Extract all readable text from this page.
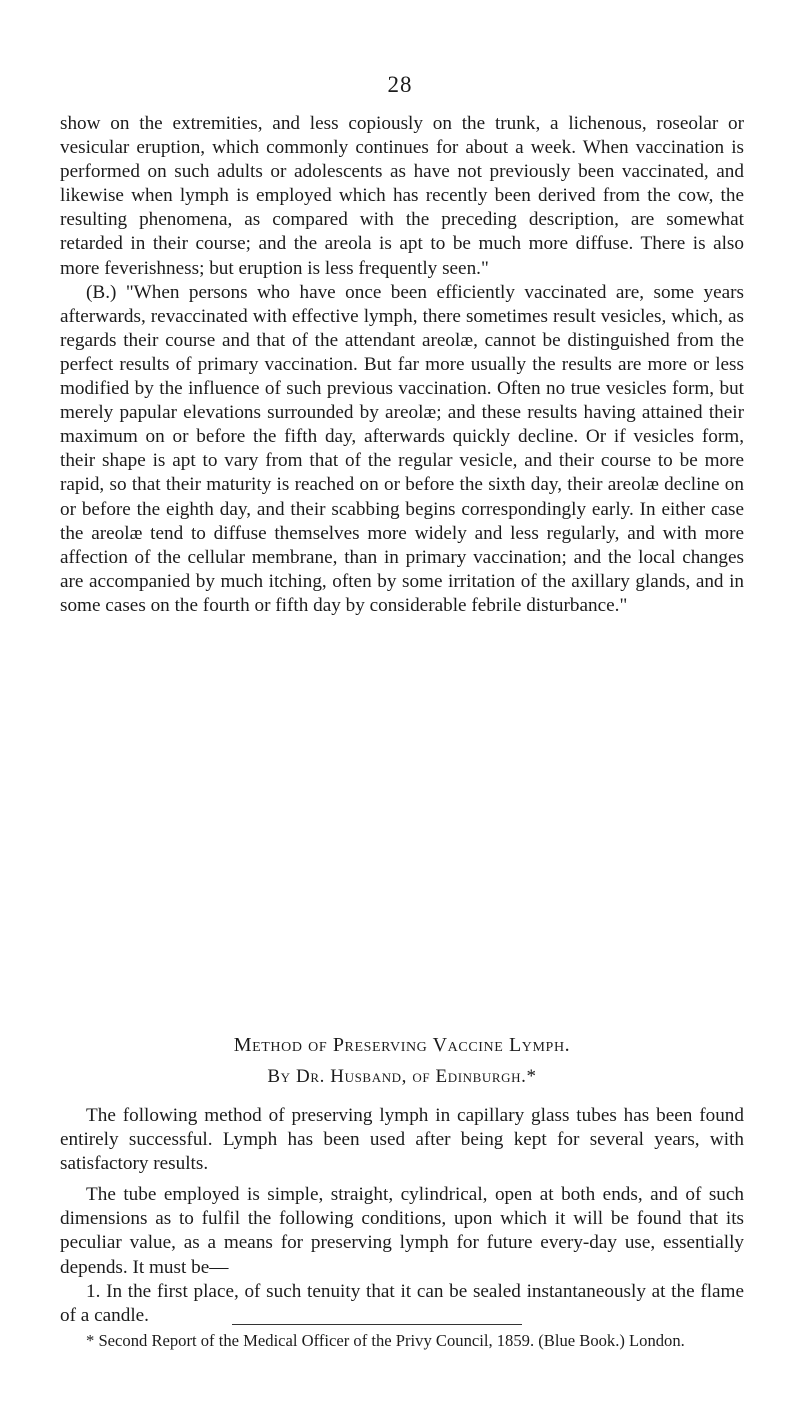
28

show on the extremities, and less copiously on the trunk, a lichenous, roseolar or vesicular eruption, which commonly continues for about a week. When vaccination is performed on such adults or adolescents as have not previously been vaccinated, and likewise when lymph is employed which has recently been derived from the cow, the resulting phenomena, as compared with the preceding description, are somewhat retarded in their course; and the areola is apt to be much more diffuse. There is also more feverishness; but eruption is less frequently seen."

(B.) "When persons who have once been efficiently vaccinated are, some years afterwards, revaccinated with effective lymph, there sometimes result vesicles, which, as regards their course and that of the attendant areolæ, cannot be distinguished from the perfect results of primary vaccination. But far more usually the results are more or less modified by the influence of such previous vaccination. Often no true vesicles form, but merely papular elevations surrounded by areolæ; and these results having attained their maximum on or before the fifth day, afterwards quickly decline. Or if vesicles form, their shape is apt to vary from that of the regular vesicle, and their course to be more rapid, so that their maturity is reached on or before the sixth day, their areolæ decline on or before the eighth day, and their scabbing begins correspondingly early. In either case the areolæ tend to diffuse themselves more widely and less regularly, and with more affection of the cellular membrane, than in primary vaccination; and the local changes are accompanied by much itching, often by some irritation of the axillary glands, and in some cases on the fourth or fifth day by considerable febrile disturbance."

Method of Preserving Vaccine Lymph.
By Dr. Husband, of Edinburgh.*

The following method of preserving lymph in capillary glass tubes has been found entirely successful. Lymph has been used after being kept for several years, with satisfactory results.

The tube employed is simple, straight, cylindrical, open at both ends, and of such dimensions as to fulfil the following conditions, upon which it will be found that its peculiar value, as a means for preserving lymph for future every-day use, essentially depends. It must be—

1. In the first place, of such tenuity that it can be sealed instantaneously at the flame of a candle.

* Second Report of the Medical Officer of the Privy Council, 1859. (Blue Book.) London.
